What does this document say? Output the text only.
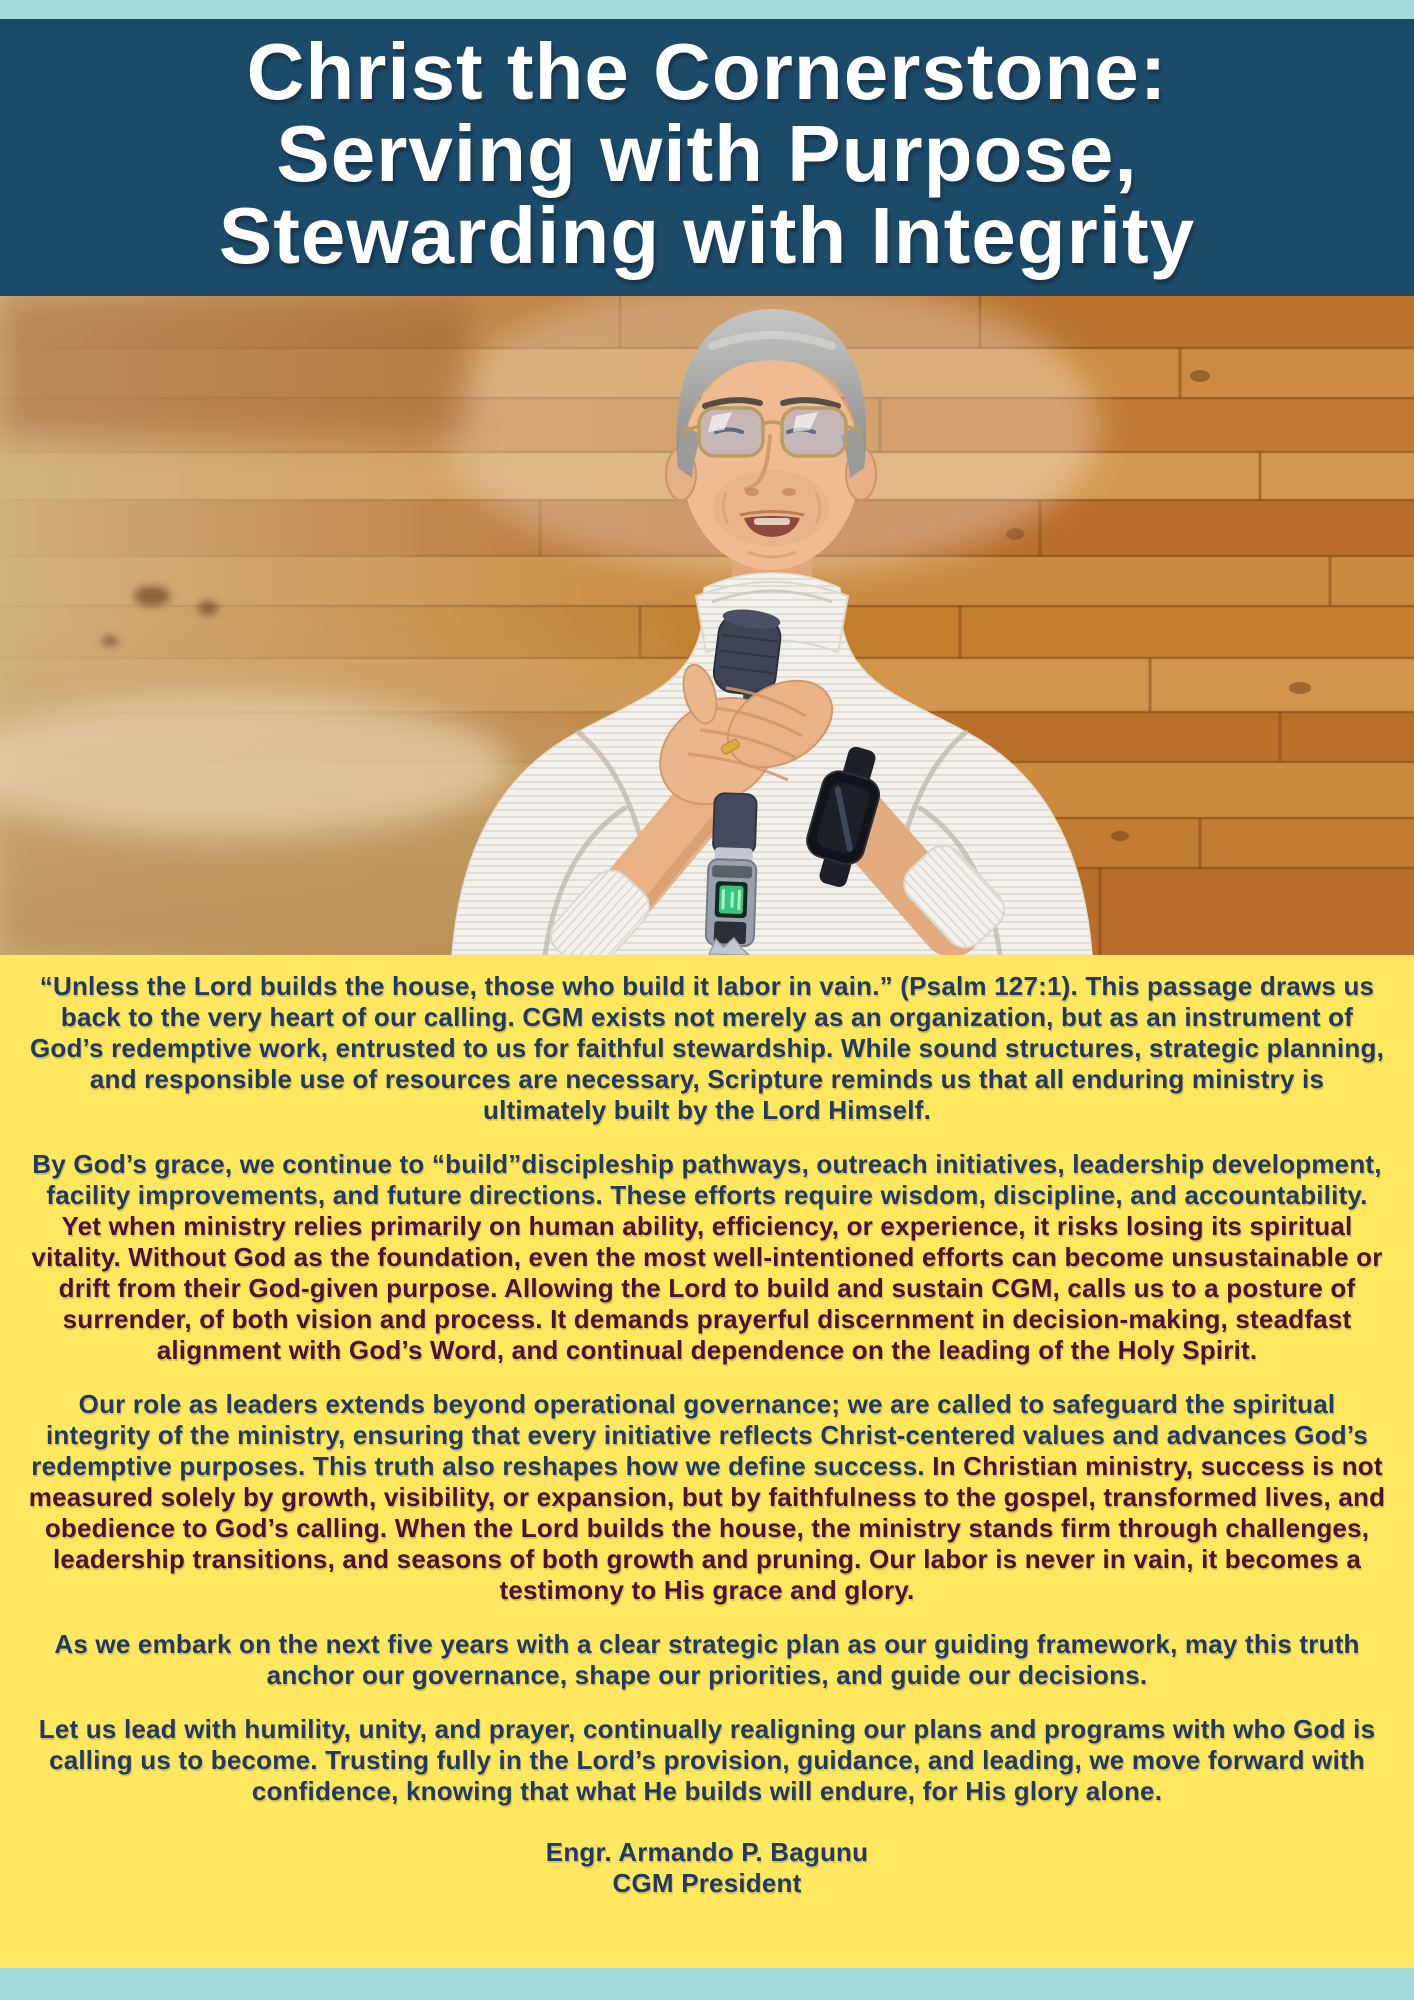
Christ the Cornerstone:
Serving with Purpose,
Stewarding with Integrity

“Unless the Lord builds the house, those who build it labor in vain.” (Psalm 127:1). This passage draws us back to the very heart of our calling. CGM exists not merely as an organization, but as an instrument of God’s redemptive work, entrusted to us for faithful stewardship. While sound structures, strategic planning, and responsible use of resources are necessary, Scripture reminds us that all enduring ministry is ultimately built by the Lord Himself.

By God’s grace, we continue to “build”discipleship pathways, outreach initiatives, leadership development, facility improvements, and future directions. These efforts require wisdom, discipline, and accountability. Yet when ministry relies primarily on human ability, efficiency, or experience, it risks losing its spiritual vitality. Without God as the foundation, even the most well-intentioned efforts can become unsustainable or drift from their God-given purpose. Allowing the Lord to build and sustain CGM, calls us to a posture of surrender, of both vision and process. It demands prayerful discernment in decision-making, steadfast alignment with God’s Word, and continual dependence on the leading of the Holy Spirit.

Our role as leaders extends beyond operational governance; we are called to safeguard the spiritual integrity of the ministry, ensuring that every initiative reflects Christ-centered values and advances God’s redemptive purposes. This truth also reshapes how we define success. In Christian ministry, success is not measured solely by growth, visibility, or expansion, but by faithfulness to the gospel, transformed lives, and obedience to God’s calling. When the Lord builds the house, the ministry stands firm through challenges, leadership transitions, and seasons of both growth and pruning. Our labor is never in vain, it becomes a testimony to His grace and glory.

As we embark on the next five years with a clear strategic plan as our guiding framework, may this truth anchor our governance, shape our priorities, and guide our decisions.

Let us lead with humility, unity, and prayer, continually realigning our plans and programs with who God is calling us to become. Trusting fully in the Lord’s provision, guidance, and leading, we move forward with confidence, knowing that what He builds will endure, for His glory alone.

Engr. Armando P. Bagunu

CGM President
